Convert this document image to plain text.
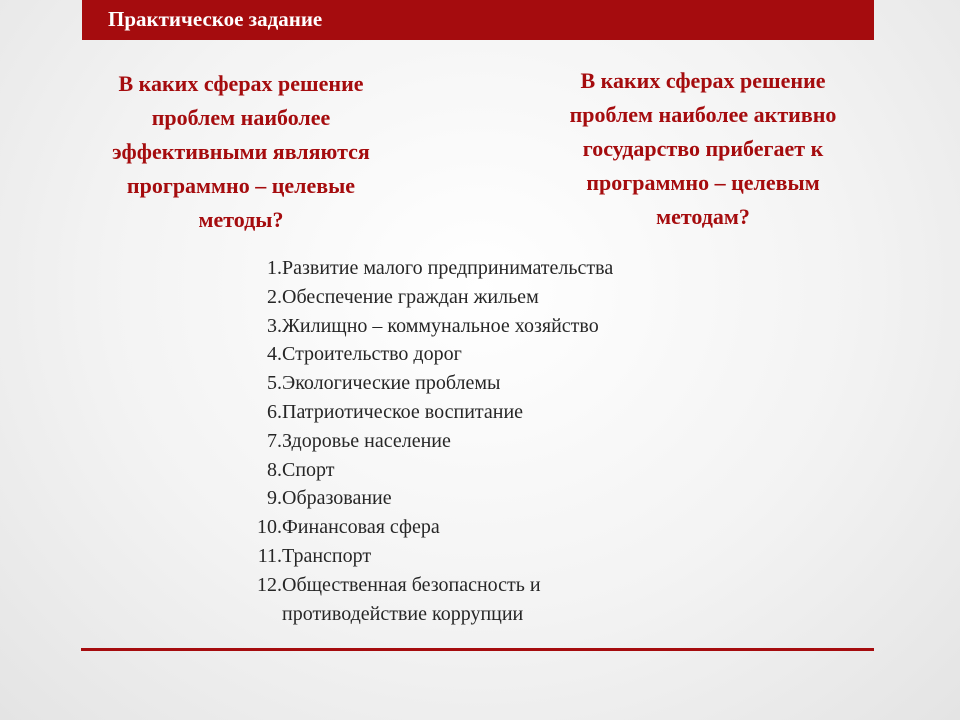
Практическое задание
В каких сферах решение
проблем наиболее
эффективными являются
программно – целевые
методы?
В каких сферах решение
проблем наиболее активно
государство прибегает к
программно – целевым
методам?
1. Развитие малого предпринимательства
2. Обеспечение граждан жильем
3. Жилищно – коммунальное хозяйство
4. Строительство дорог
5. Экологические проблемы
6. Патриотическое воспитание
7. Здоровье население
8. Спорт
9. Образование
10. Финансовая сфера
11. Транспорт
12. Общественная безопасность и
противодействие коррупции
